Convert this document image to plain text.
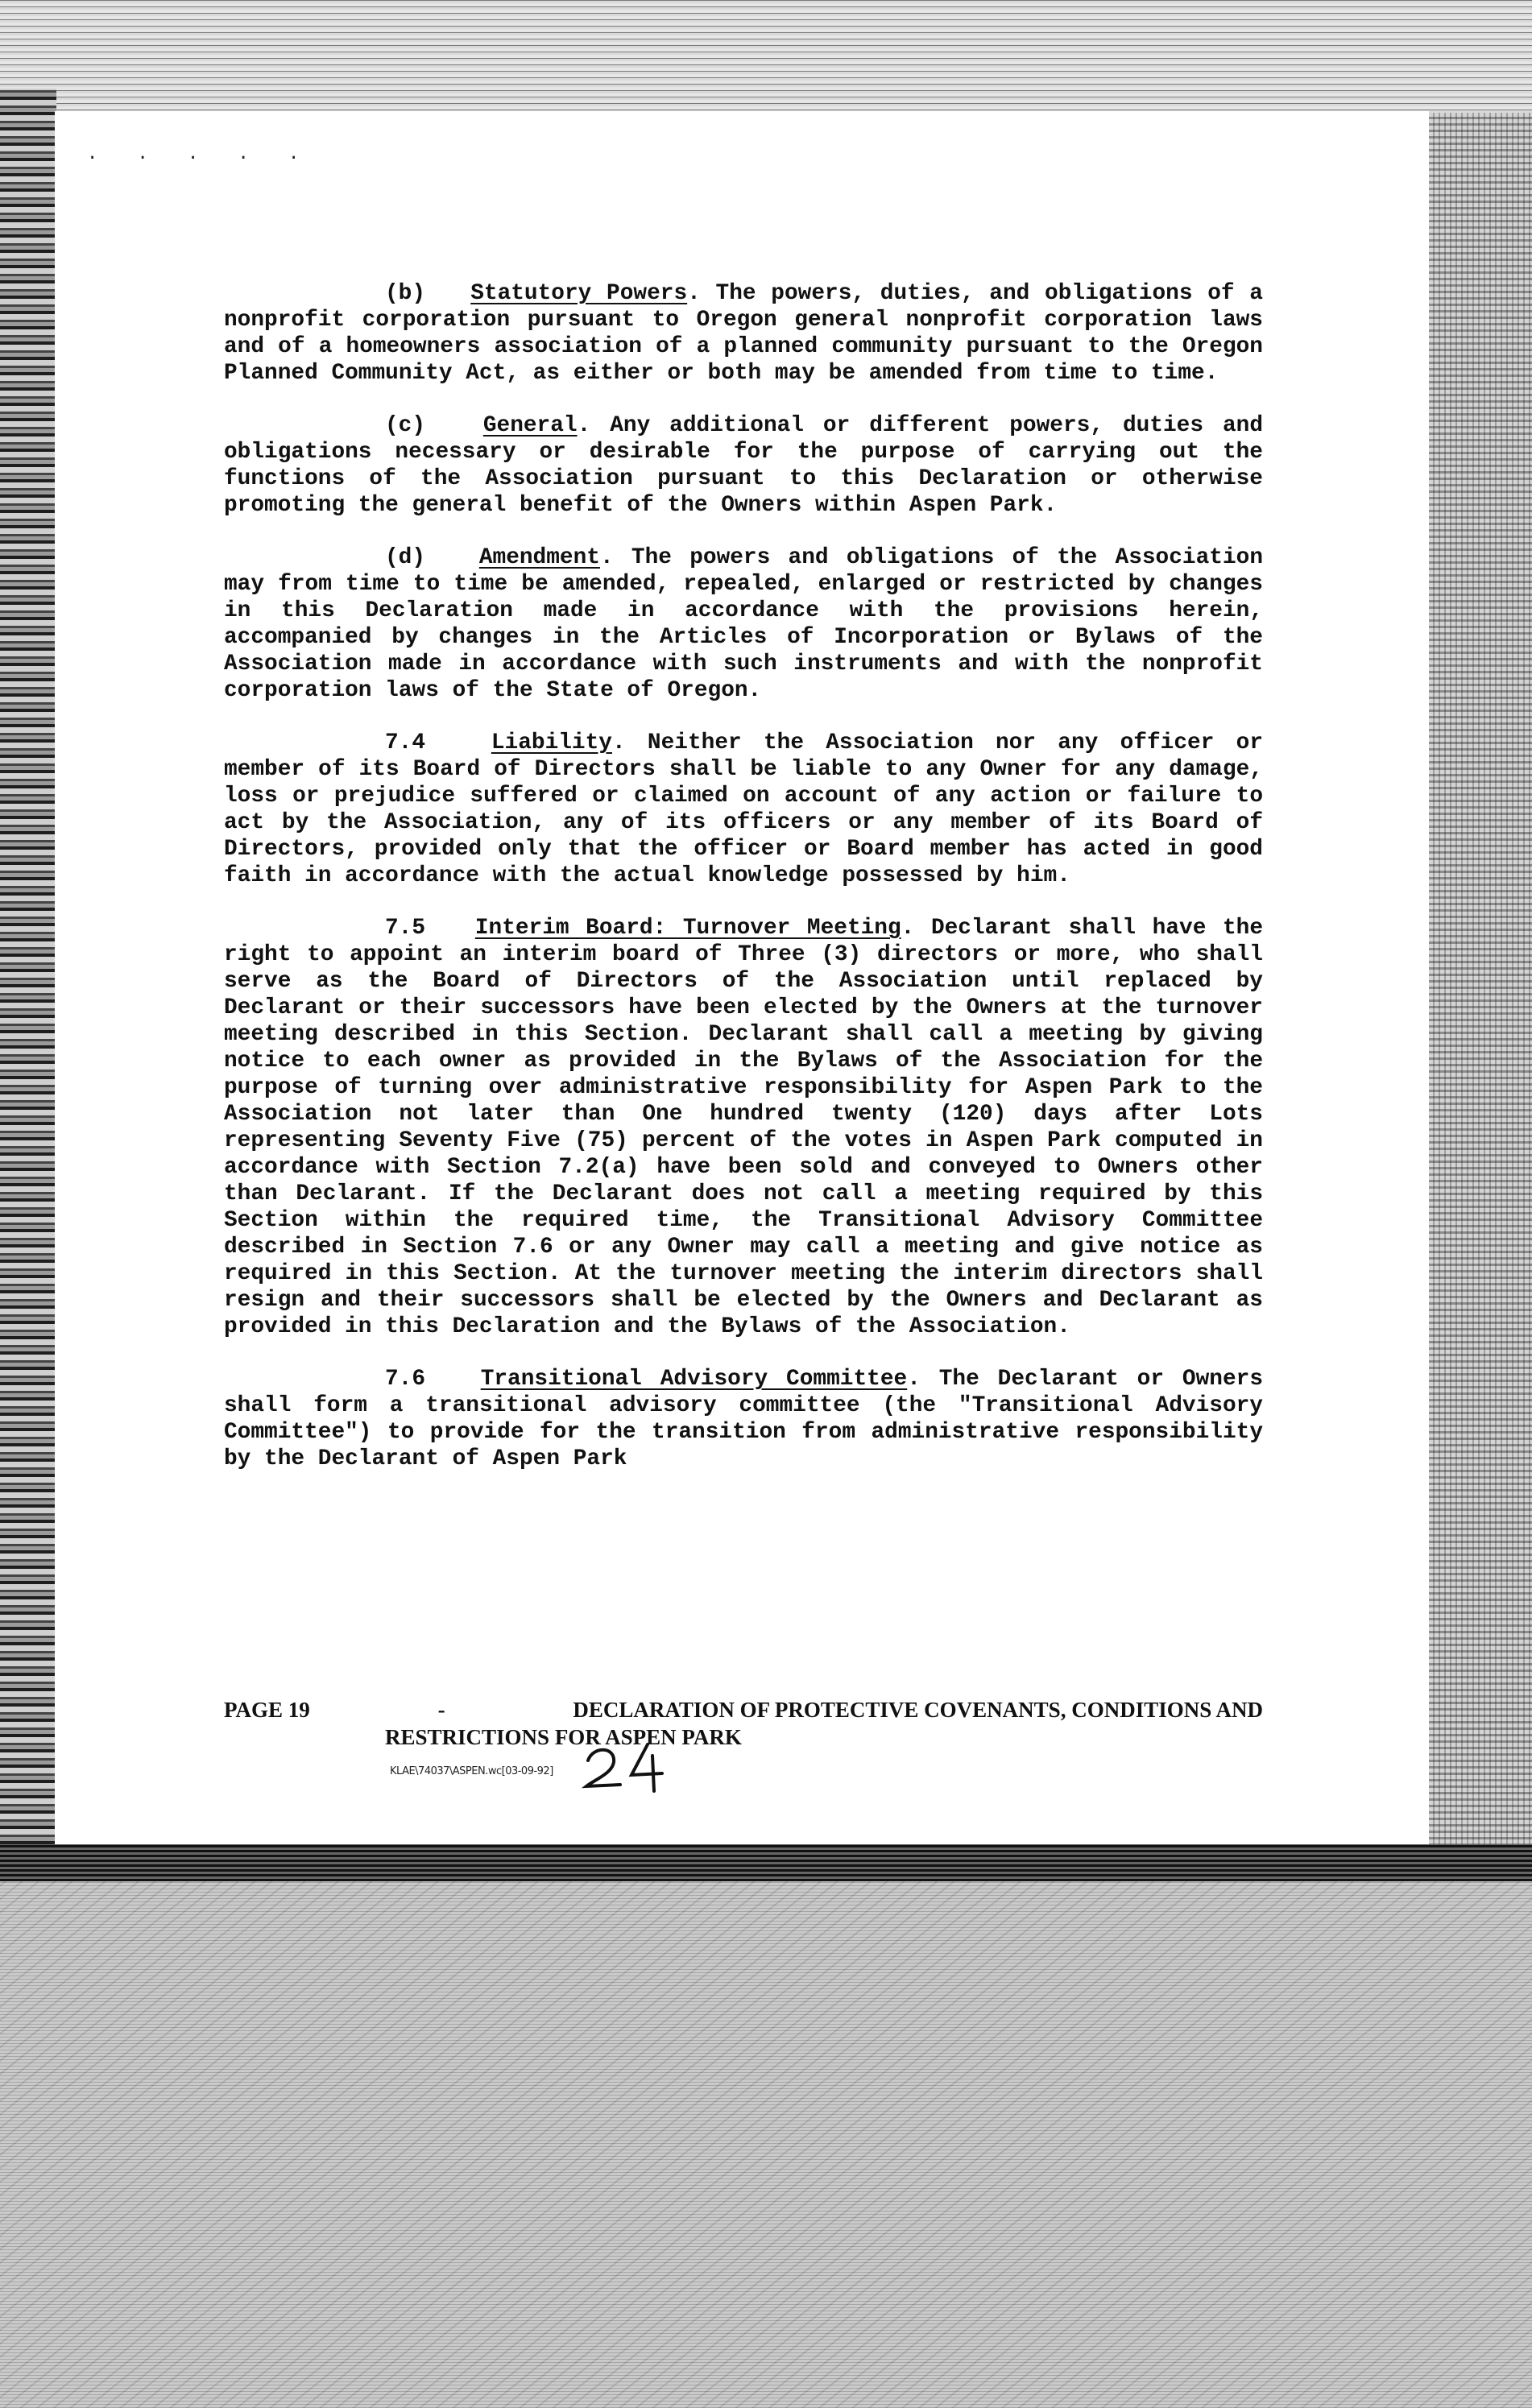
. . . . .

(b) Statutory Powers. The powers, duties, and obligations of a nonprofit corporation pursuant to Oregon general nonprofit corporation laws and of a homeowners association of a planned community pursuant to the Oregon Planned Community Act, as either or both may be amended from time to time.

(c)	General. Any additional or different powers, duties and obligations necessary or desirable for the purpose of carrying out the functions of the Association pursuant to this Declaration or otherwise promoting the general benefit of the Owners within Aspen Park.

(d) Amendment. The powers and obligations of the Association may from time to time be amended, repealed, enlarged or restricted by changes in this Declaration made in accordance with the provisions herein, accompanied by changes in the Articles of Incorporation or Bylaws of the Association made in accordance with such instruments and with the nonprofit corporation laws of the State of Oregon.

7.4	Liability. Neither the Association nor any officer or member of its Board of Directors shall be liable to any Owner for any damage, loss or prejudice suffered or claimed on account of any action or failure to act by the Association, any of its officers or any member of its Board of Directors, provided only that the officer or Board member has acted in good faith in accordance with the actual knowledge possessed by him.

7.5 Interim Board: Turnover Meeting. Declarant shall have the right to appoint an interim board of Three (3) directors or more, who shall serve as the Board of Directors of the Association until replaced by Declarant or their successors have been elected by the Owners at the turnover meeting described in this Section. Declarant shall call a meeting by giving notice to each owner as provided in the Bylaws of the Association for the purpose of turning over administrative responsibility for Aspen Park to the Association not later than One hundred twenty (120) days after Lots representing Seventy Five (75) percent of the votes in Aspen Park computed in accordance with Section 7.2(a) have been sold and conveyed to Owners other than Declarant. If the Declarant does not call a meeting required by this Section within the required time, the Transitional Advisory Committee described in Section 7.6 or any Owner may call a meeting and give notice as required in this Section. At the turnover meeting the interim directors shall resign and their successors shall be elected by the Owners and Declarant as provided in this Declaration and the Bylaws of the Association.

7.6 Transitional Advisory Committee. The Declarant or Owners shall form a transitional advisory committee (the "Transitional Advisory Committee") to provide for the transition from administrative responsibility by the Declarant of Aspen Park

PAGE 19	-	DECLARATION OF PROTECTIVE COVENANTS, CONDITIONS AND
RESTRICTIONS FOR ASPEN PARK
KLAE\74037\ASPEN.wc[03-09-92]
